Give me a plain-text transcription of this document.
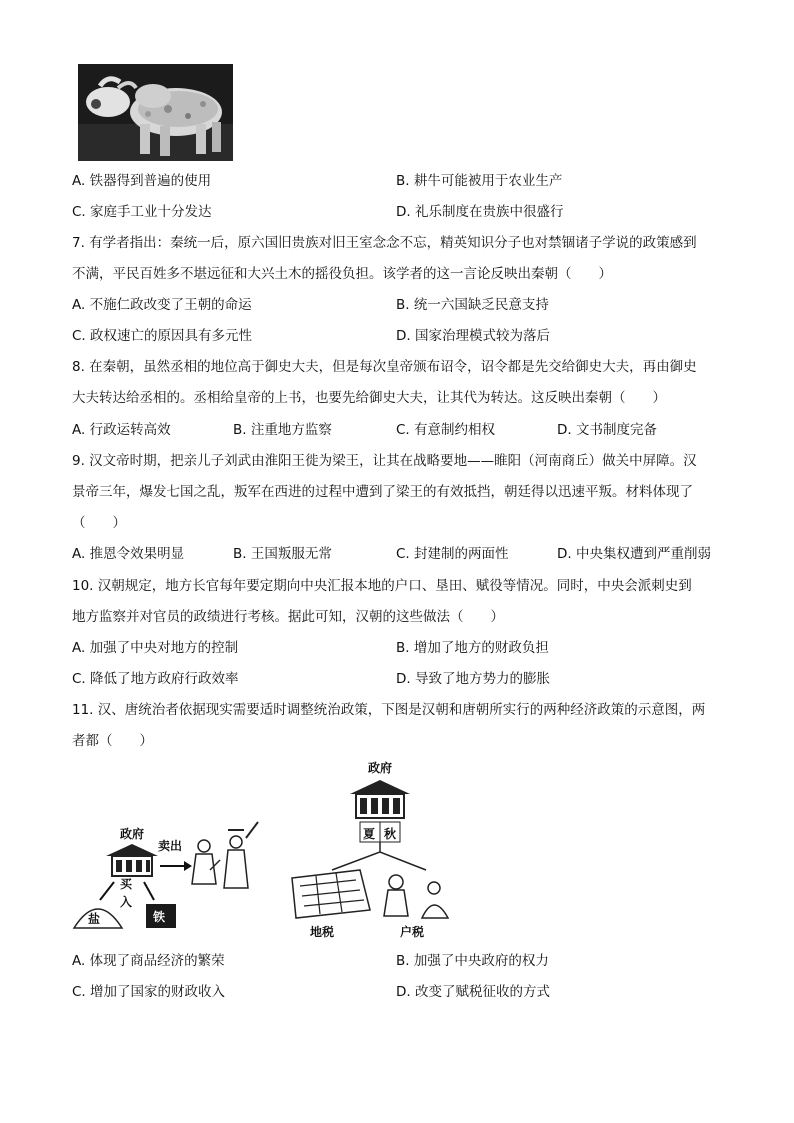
A. 铁器得到普遍的使用	B. 耕牛可能被用于农业生产
C. 家庭手工业十分发达	D. 礼乐制度在贵族中很盛行
7. 有学者指出：秦统一后，原六国旧贵族对旧王室念念不忘，精英知识分子也对禁锢诸子学说的政策感到
不满，平民百姓多不堪远征和大兴土木的摇役负担。该学者的这一言论反映出秦朝（　　）
A. 不施仁政改变了王朝的命运	B. 统一六国缺乏民意支持
C. 政权速亡的原因具有多元性	D. 国家治理模式较为落后
8. 在秦朝，虽然丞相的地位高于御史大夫，但是每次皇帝颁布诏令，诏令都是先交给御史大夫，再由御史
大夫转达给丞相的。丞相给皇帝的上书，也要先给御史大夫，让其代为转达。这反映出秦朝（　　）
A. 行政运转高效	B. 注重地方监察	C. 有意制约相权	D. 文书制度完备
9. 汉文帝时期，把亲儿子刘武由淮阳王徙为梁王，让其在战略要地——睢阳（河南商丘）做关中屏障。汉
景帝三年，爆发七国之乱，叛军在西进的过程中遭到了梁王的有效抵挡，朝廷得以迅速平叛。材料体现了
（　　）
A. 推恩令效果明显	B. 王国叛服无常	C. 封建制的两面性	D. 中央集权遭到严重削弱
10. 汉朝规定，地方长官每年要定期向中央汇报本地的户口、垦田、赋役等情况。同时，中央会派刺史到
地方监察并对官员的政绩进行考核。据此可知，汉朝的这些做法（　　）
A. 加强了中央对地方的控制	B. 增加了地方的财政负担
C. 降低了地方政府行政效率	D. 导致了地方势力的膨胀
11. 汉、唐统治者依据现实需要适时调整统治政策，下图是汉朝和唐朝所实行的两种经济政策的示意图，两
者都（　　）
政府
卖出
买
入
盐	铁
政府
夏 秋
地税	户税
A. 体现了商品经济的繁荣	B. 加强了中央政府的权力
C. 增加了国家的财政收入	D. 改变了赋税征收的方式
